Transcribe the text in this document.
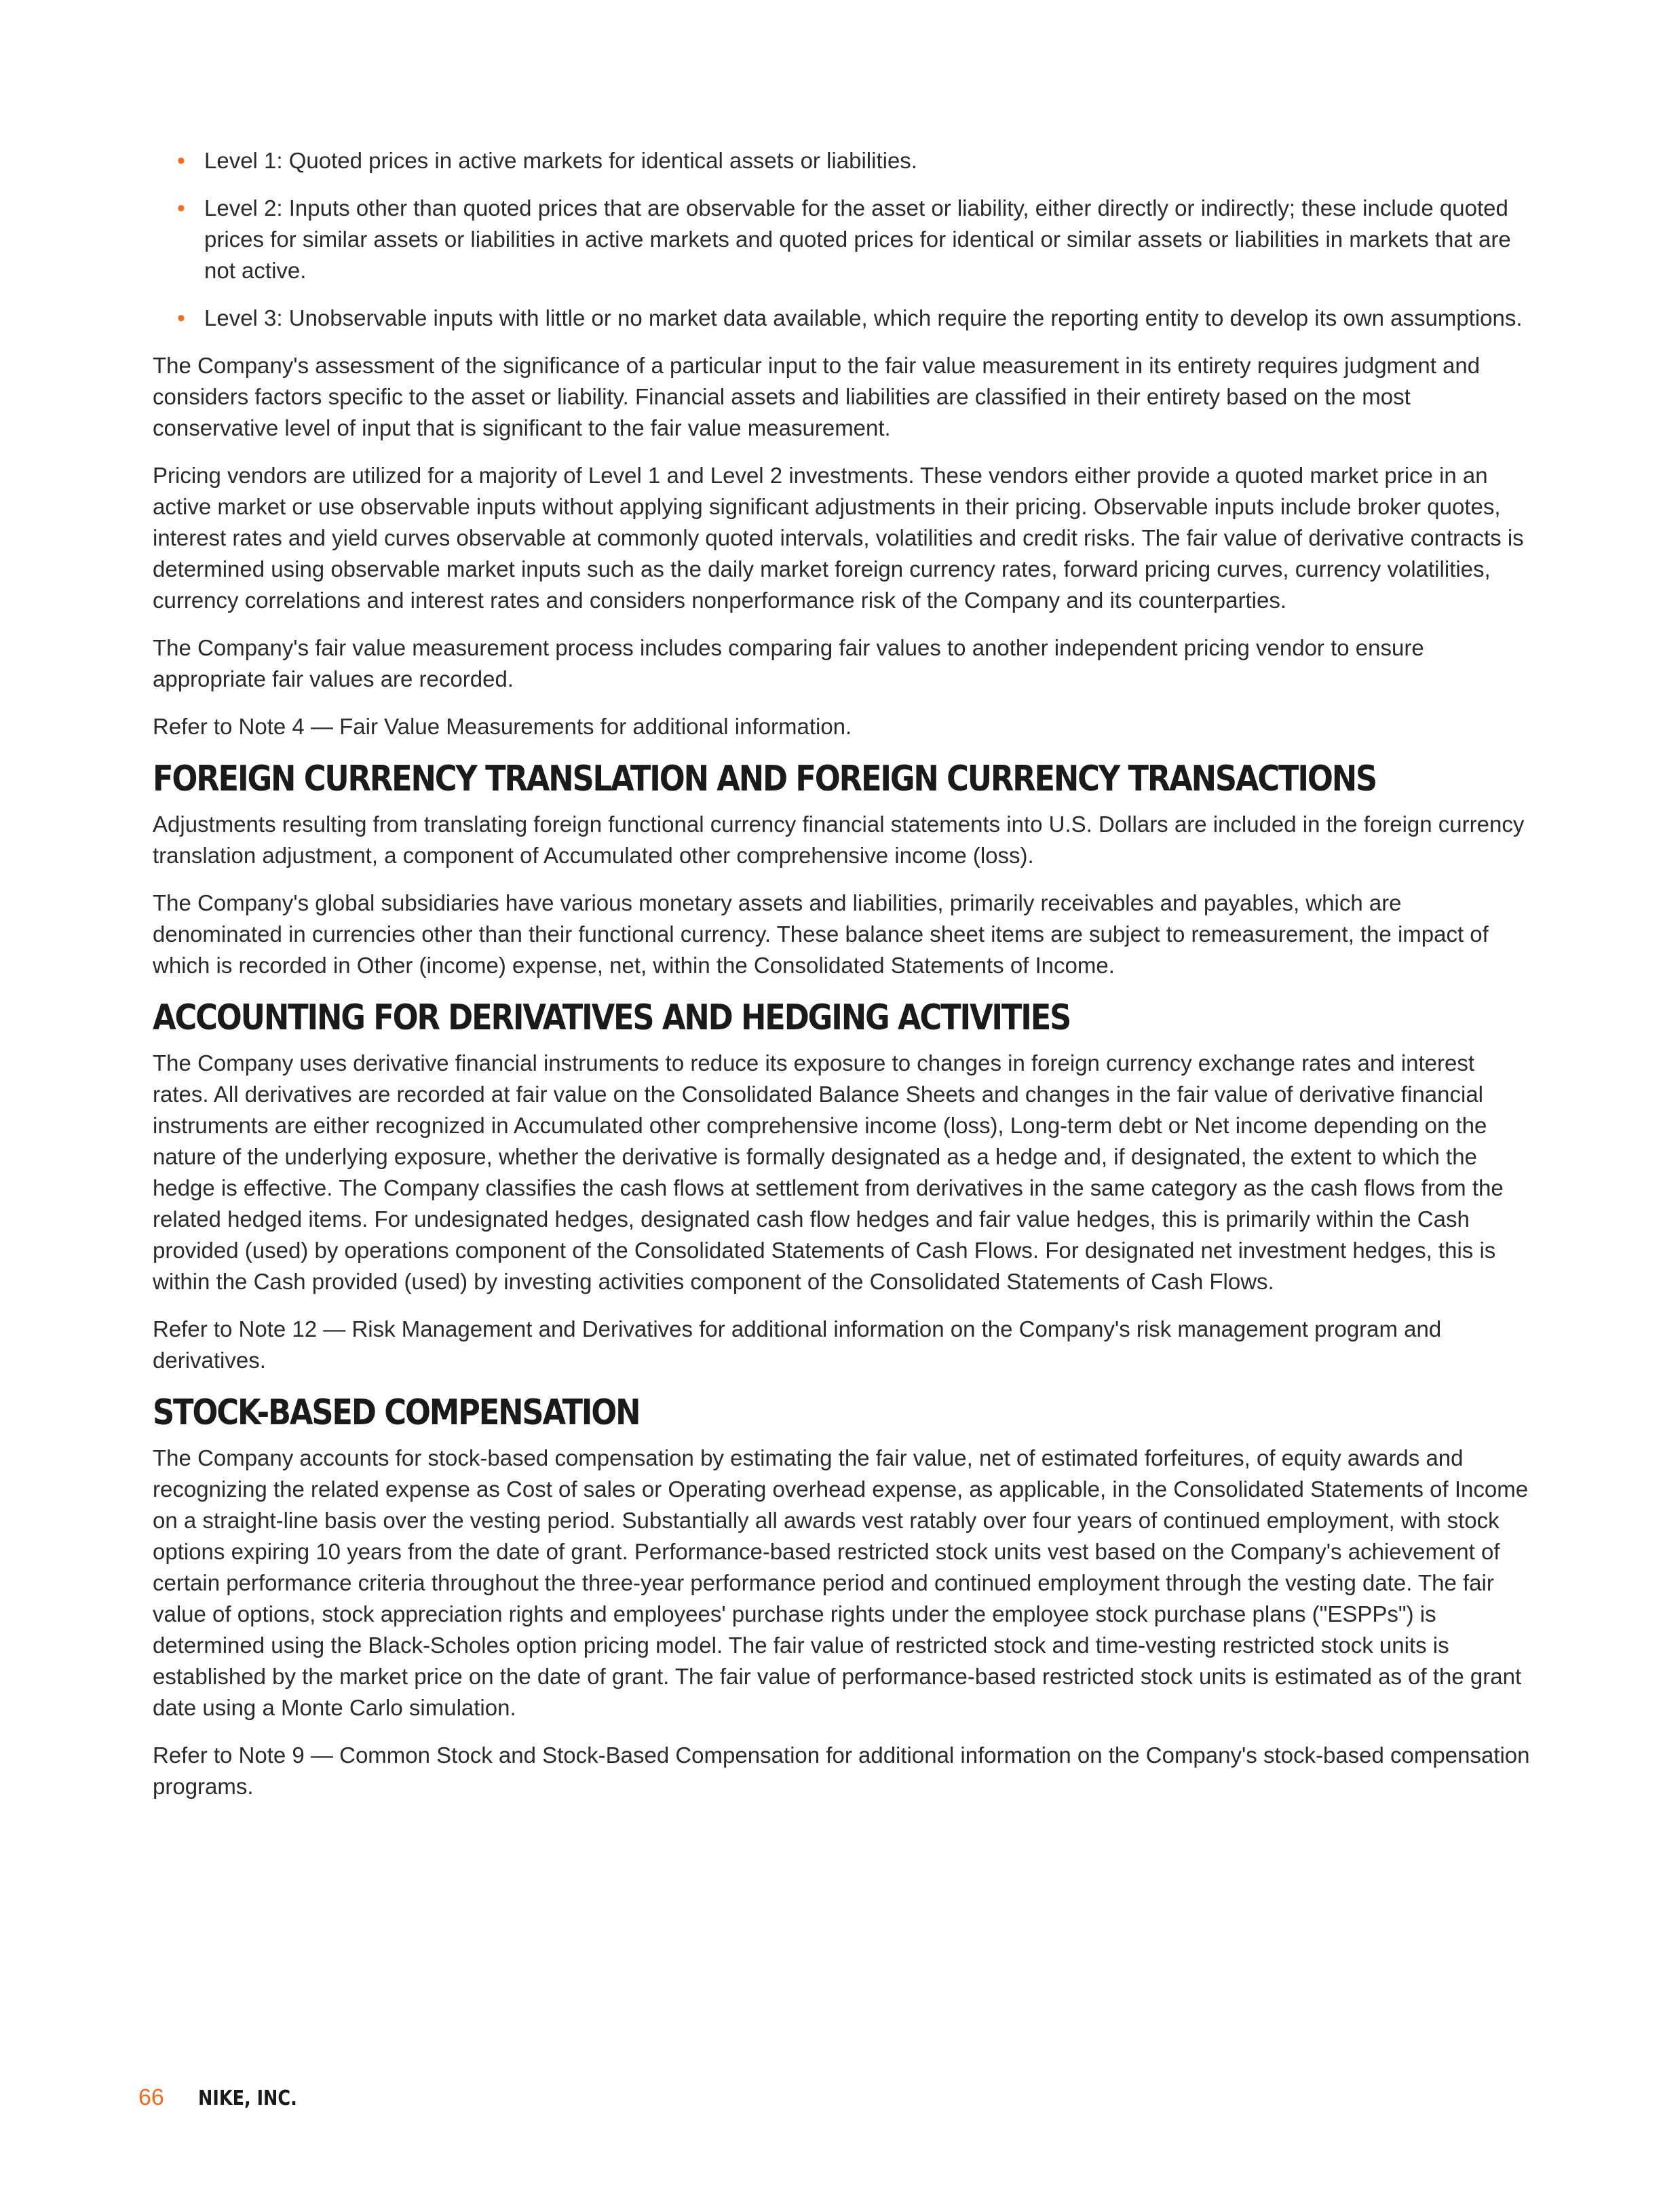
• Level 1: Quoted prices in active markets for identical assets or liabilities.
• Level 2: Inputs other than quoted prices that are observable for the asset or liability, either directly or indirectly; these include quoted prices for similar assets or liabilities in active markets and quoted prices for identical or similar assets or liabilities in markets that are not active.
• Level 3: Unobservable inputs with little or no market data available, which require the reporting entity to develop its own assumptions.

The Company's assessment of the significance of a particular input to the fair value measurement in its entirety requires judgment and considers factors specific to the asset or liability. Financial assets and liabilities are classified in their entirety based on the most conservative level of input that is significant to the fair value measurement.

Pricing vendors are utilized for a majority of Level 1 and Level 2 investments. These vendors either provide a quoted market price in an active market or use observable inputs without applying significant adjustments in their pricing. Observable inputs include broker quotes, interest rates and yield curves observable at commonly quoted intervals, volatilities and credit risks. The fair value of derivative contracts is determined using observable market inputs such as the daily market foreign currency rates, forward pricing curves, currency volatilities, currency correlations and interest rates and considers nonperformance risk of the Company and its counterparties.

The Company's fair value measurement process includes comparing fair values to another independent pricing vendor to ensure appropriate fair values are recorded.

Refer to Note 4 — Fair Value Measurements for additional information.

FOREIGN CURRENCY TRANSLATION AND FOREIGN CURRENCY TRANSACTIONS

Adjustments resulting from translating foreign functional currency financial statements into U.S. Dollars are included in the foreign currency translation adjustment, a component of Accumulated other comprehensive income (loss).

The Company's global subsidiaries have various monetary assets and liabilities, primarily receivables and payables, which are denominated in currencies other than their functional currency. These balance sheet items are subject to remeasurement, the impact of which is recorded in Other (income) expense, net, within the Consolidated Statements of Income.

ACCOUNTING FOR DERIVATIVES AND HEDGING ACTIVITIES

The Company uses derivative financial instruments to reduce its exposure to changes in foreign currency exchange rates and interest rates. All derivatives are recorded at fair value on the Consolidated Balance Sheets and changes in the fair value of derivative financial instruments are either recognized in Accumulated other comprehensive income (loss), Long-term debt or Net income depending on the nature of the underlying exposure, whether the derivative is formally designated as a hedge and, if designated, the extent to which the hedge is effective. The Company classifies the cash flows at settlement from derivatives in the same category as the cash flows from the related hedged items. For undesignated hedges, designated cash flow hedges and fair value hedges, this is primarily within the Cash provided (used) by operations component of the Consolidated Statements of Cash Flows. For designated net investment hedges, this is within the Cash provided (used) by investing activities component of the Consolidated Statements of Cash Flows.

Refer to Note 12 — Risk Management and Derivatives for additional information on the Company's risk management program and derivatives.

STOCK-BASED COMPENSATION

The Company accounts for stock-based compensation by estimating the fair value, net of estimated forfeitures, of equity awards and recognizing the related expense as Cost of sales or Operating overhead expense, as applicable, in the Consolidated Statements of Income on a straight-line basis over the vesting period. Substantially all awards vest ratably over four years of continued employment, with stock options expiring 10 years from the date of grant. Performance-based restricted stock units vest based on the Company's achievement of certain performance criteria throughout the three-year performance period and continued employment through the vesting date. The fair value of options, stock appreciation rights and employees' purchase rights under the employee stock purchase plans ("ESPPs") is determined using the Black-Scholes option pricing model. The fair value of restricted stock and time-vesting restricted stock units is established by the market price on the date of grant. The fair value of performance-based restricted stock units is estimated as of the grant date using a Monte Carlo simulation.

Refer to Note 9 — Common Stock and Stock-Based Compensation for additional information on the Company's stock-based compensation programs.

66 NIKE, INC.
